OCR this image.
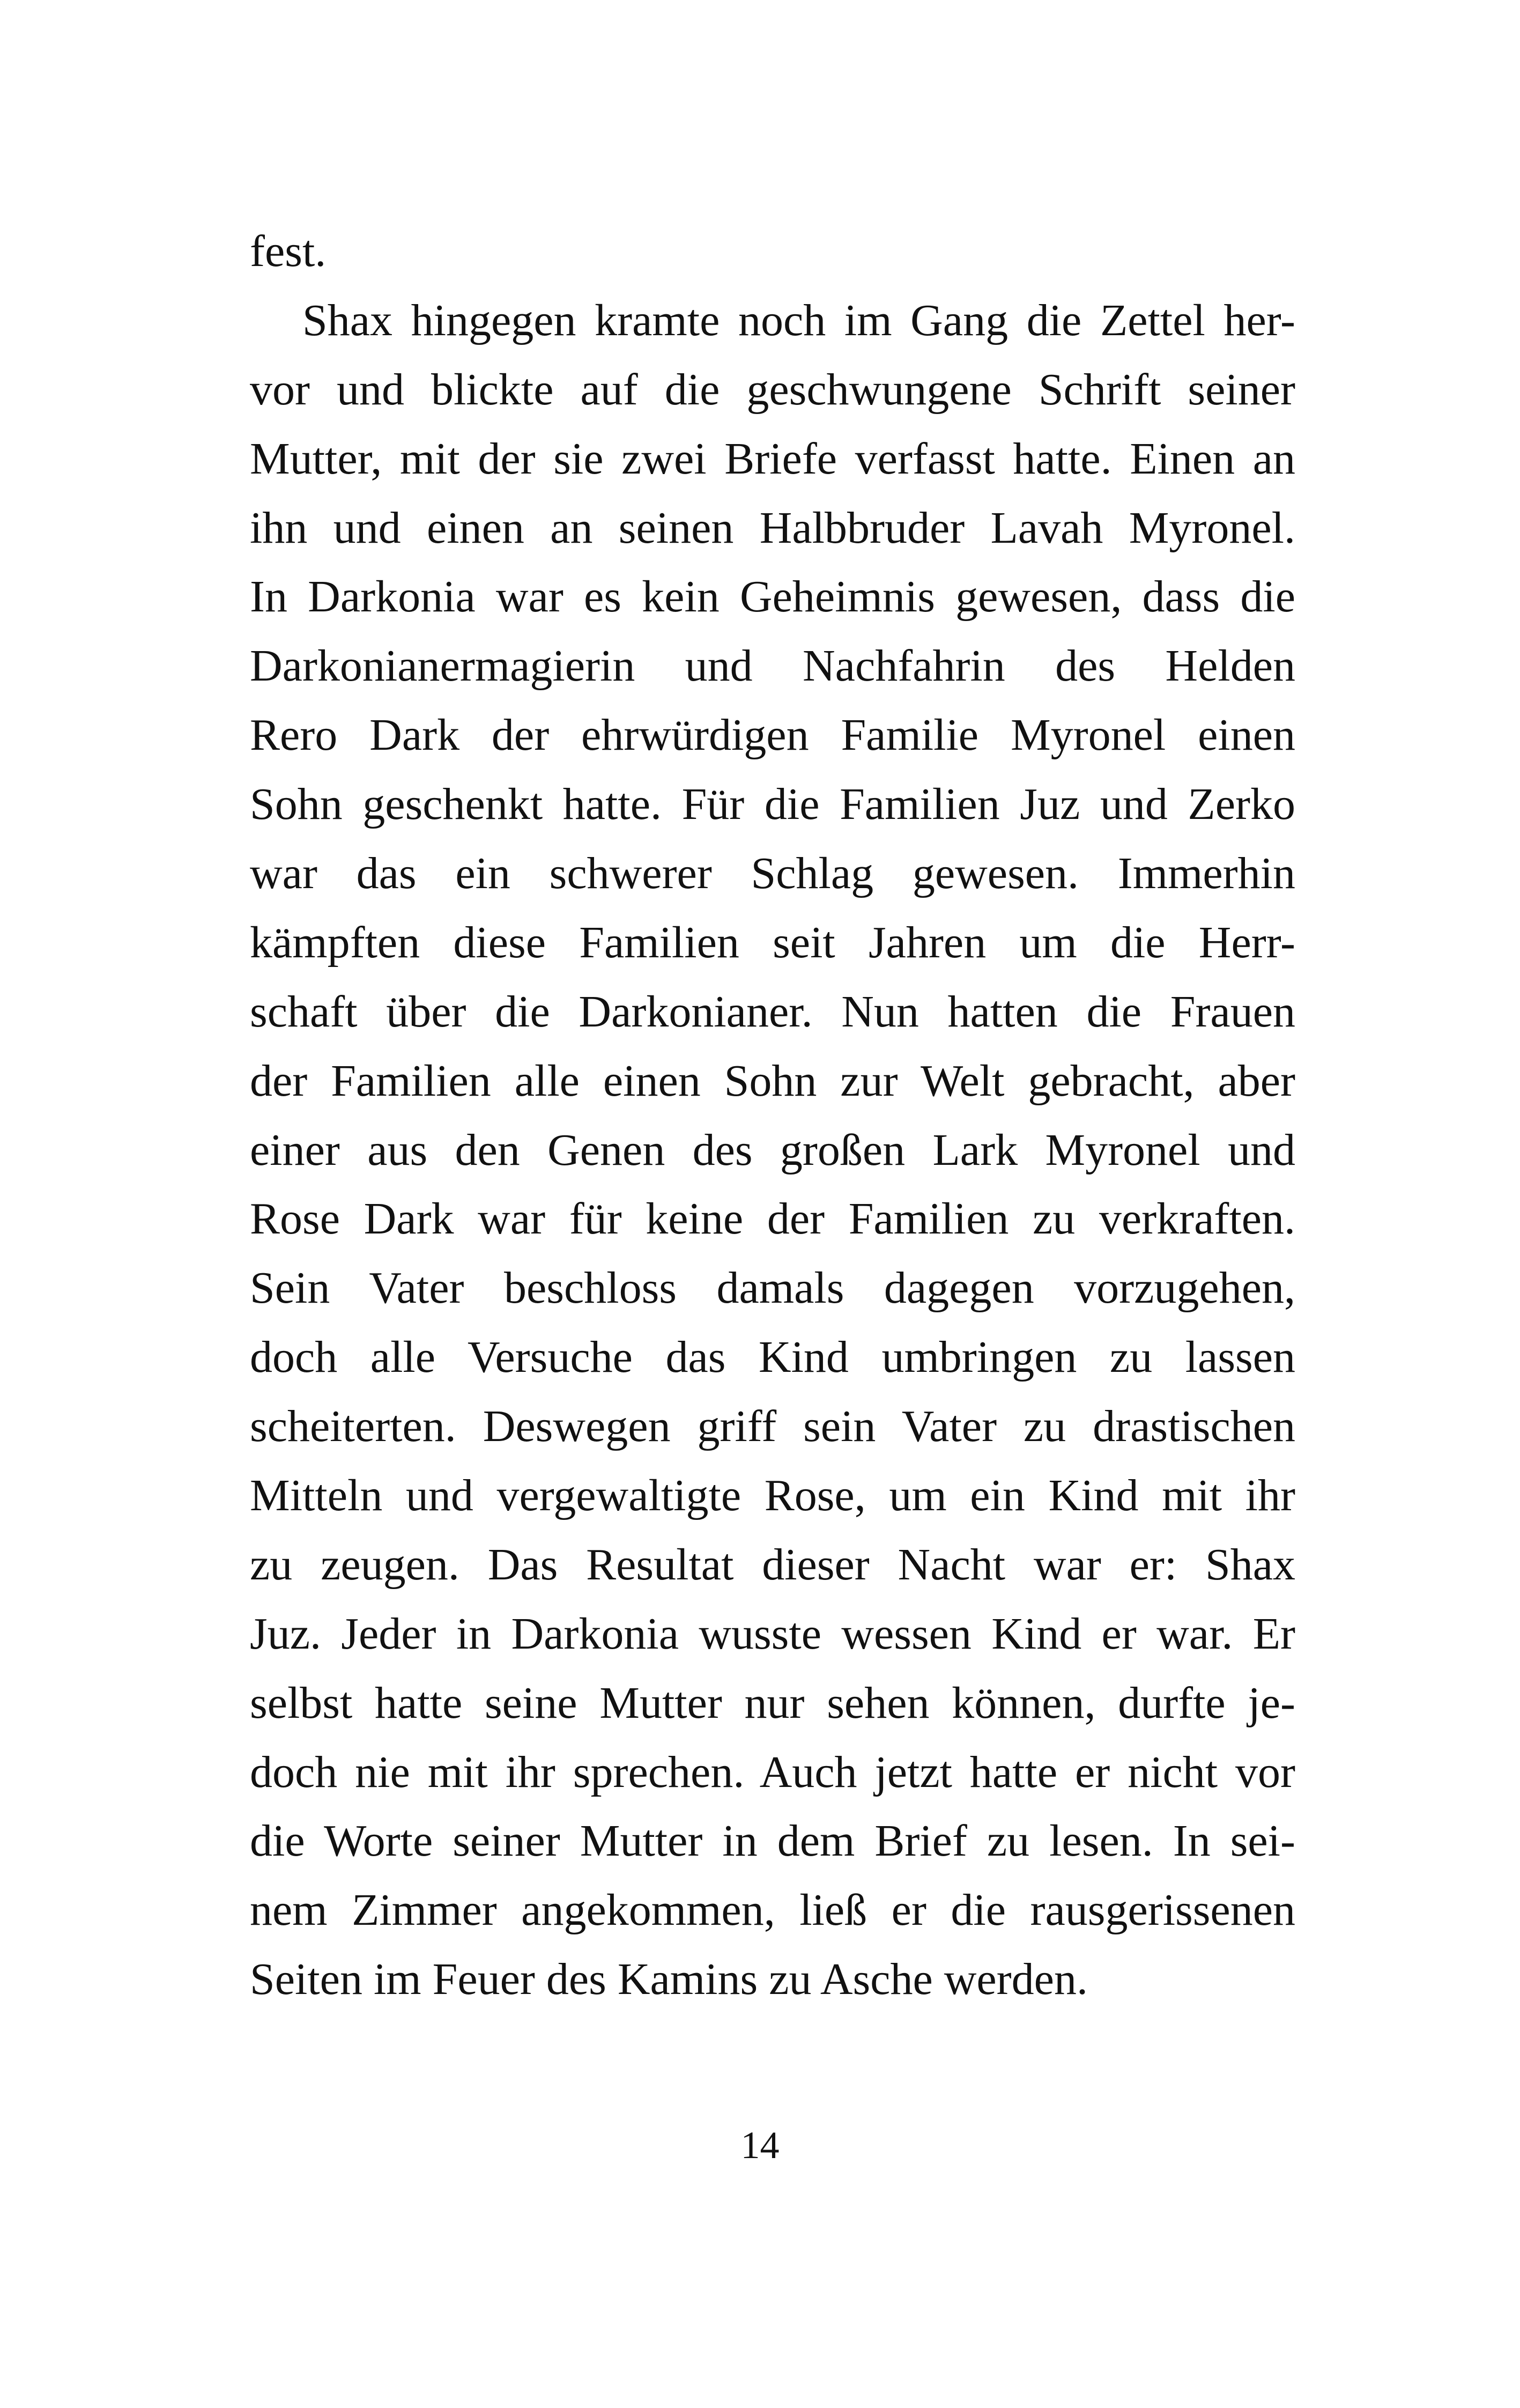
fest.
Shax hingegen kramte noch im Gang die Zettel her-
vor und blickte auf die geschwungene Schrift seiner
Mutter, mit der sie zwei Briefe verfasst hatte. Einen an
ihn und einen an seinen Halbbruder Lavah Myronel.
In Darkonia war es kein Geheimnis gewesen, dass die
Darkonianermagierin und Nachfahrin des Helden
Rero Dark der ehrwürdigen Familie Myronel einen
Sohn geschenkt hatte. Für die Familien Juz und Zerko
war das ein schwerer Schlag gewesen. Immerhin
kämpften diese Familien seit Jahren um die Herr-
schaft über die Darkonianer. Nun hatten die Frauen
der Familien alle einen Sohn zur Welt gebracht, aber
einer aus den Genen des großen Lark Myronel und
Rose Dark war für keine der Familien zu verkraften.
Sein Vater beschloss damals dagegen vorzugehen,
doch alle Versuche das Kind umbringen zu lassen
scheiterten. Deswegen griff sein Vater zu drastischen
Mitteln und vergewaltigte Rose, um ein Kind mit ihr
zu zeugen. Das Resultat dieser Nacht war er: Shax
Juz. Jeder in Darkonia wusste wessen Kind er war. Er
selbst hatte seine Mutter nur sehen können, durfte je-
doch nie mit ihr sprechen. Auch jetzt hatte er nicht vor
die Worte seiner Mutter in dem Brief zu lesen. In sei-
nem Zimmer angekommen, ließ er die rausgerissenen
Seiten im Feuer des Kamins zu Asche werden.
14
